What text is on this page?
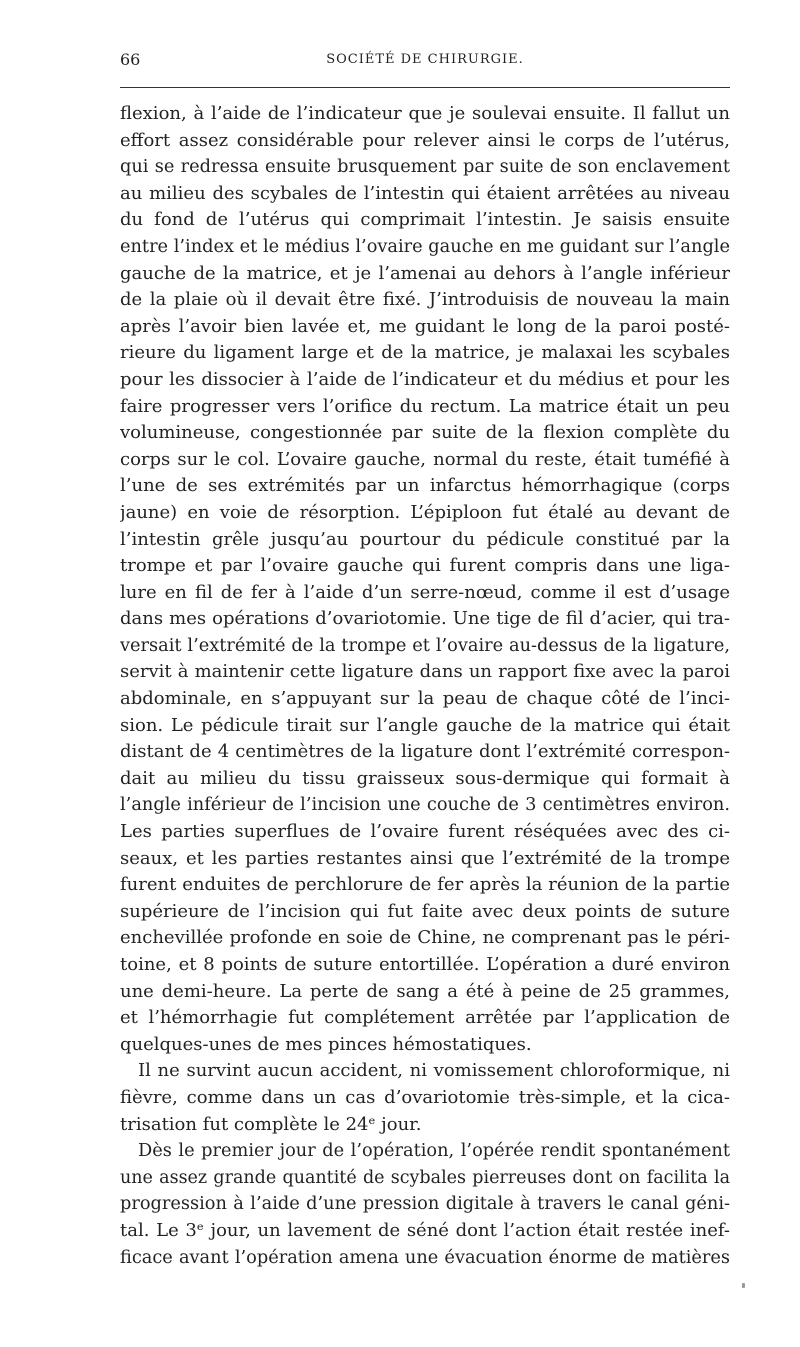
66	SOCIÉTÉ DE CHIRURGIE.
flexion, à l’aide de l’indicateur que je soulevai ensuite. Il fallut un
effort assez considérable pour relever ainsi le corps de l’utérus,
qui se redressa ensuite brusquement par suite de son enclavement
au milieu des scybales de l’intestin qui étaient arrêtées au niveau
du fond de l’utérus qui comprimait l’intestin. Je saisis ensuite
entre l’index et le médius l’ovaire gauche en me guidant sur l’angle
gauche de la matrice, et je l’amenai au dehors à l’angle inférieur
de la plaie où il devait être fixé. J’introduisis de nouveau la main
après l’avoir bien lavée et, me guidant le long de la paroi posté-
rieure du ligament large et de la matrice, je malaxai les scybales
pour les dissocier à l’aide de l’indicateur et du médius et pour les
faire progresser vers l’orifice du rectum. La matrice était un peu
volumineuse, congestionnée par suite de la flexion complète du
corps sur le col. L’ovaire gauche, normal du reste, était tuméfié à
l’une de ses extrémités par un infarctus hémorrhagique (corps
jaune) en voie de résorption. L’épiploon fut étalé au devant de
l’intestin grêle jusqu’au pourtour du pédicule constitué par la
trompe et par l’ovaire gauche qui furent compris dans une liga-
lure en fil de fer à l’aide d’un serre-nœud, comme il est d’usage
dans mes opérations d’ovariotomie. Une tige de fil d’acier, qui tra-
versait l’extrémité de la trompe et l’ovaire au-dessus de la ligature,
servit à maintenir cette ligature dans un rapport fixe avec la paroi
abdominale, en s’appuyant sur la peau de chaque côté de l’inci-
sion. Le pédicule tirait sur l’angle gauche de la matrice qui était
distant de 4 centimètres de la ligature dont l’extrémité correspon-
dait au milieu du tissu graisseux sous-dermique qui formait à
l’angle inférieur de l’incision une couche de 3 centimètres environ.
Les parties superflues de l’ovaire furent réséquées avec des ci-
seaux, et les parties restantes ainsi que l’extrémité de la trompe
furent enduites de perchlorure de fer après la réunion de la partie
supérieure de l’incision qui fut faite avec deux points de suture
enchevillée profonde en soie de Chine, ne comprenant pas le péri-
toine, et 8 points de suture entortillée. L’opération a duré environ
une demi-heure. La perte de sang a été à peine de 25 grammes,
et l’hémorrhagie fut complétement arrêtée par l’application de
quelques-unes de mes pinces hémostatiques.
Il ne survint aucun accident, ni vomissement chloroformique, ni
fièvre, comme dans un cas d’ovariotomie très-simple, et la cica-
trisation fut complète le 24ᵉ jour.
Dès le premier jour de l’opération, l’opérée rendit spontanément
une assez grande quantité de scybales pierreuses dont on facilita la
progression à l’aide d’une pression digitale à travers le canal géni-
tal. Le 3ᵉ jour, un lavement de séné dont l’action était restée inef-
ficace avant l’opération amena une évacuation énorme de matières
